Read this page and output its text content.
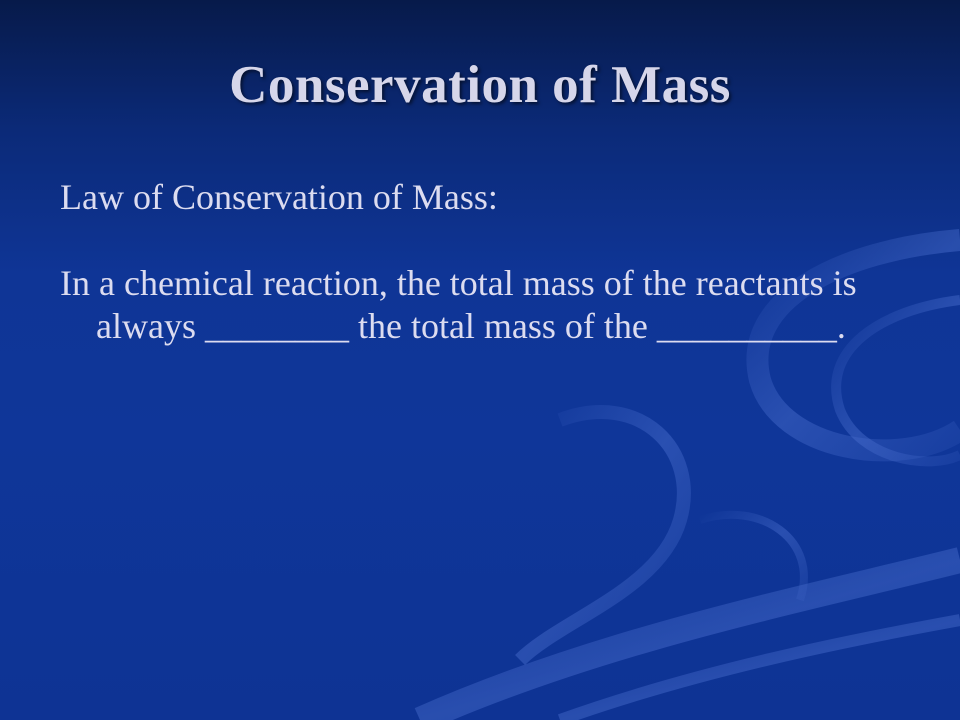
Conservation of Mass

Law of Conservation of Mass:

In a chemical reaction, the total mass of the reactants is always ________ the total mass of the __________.
